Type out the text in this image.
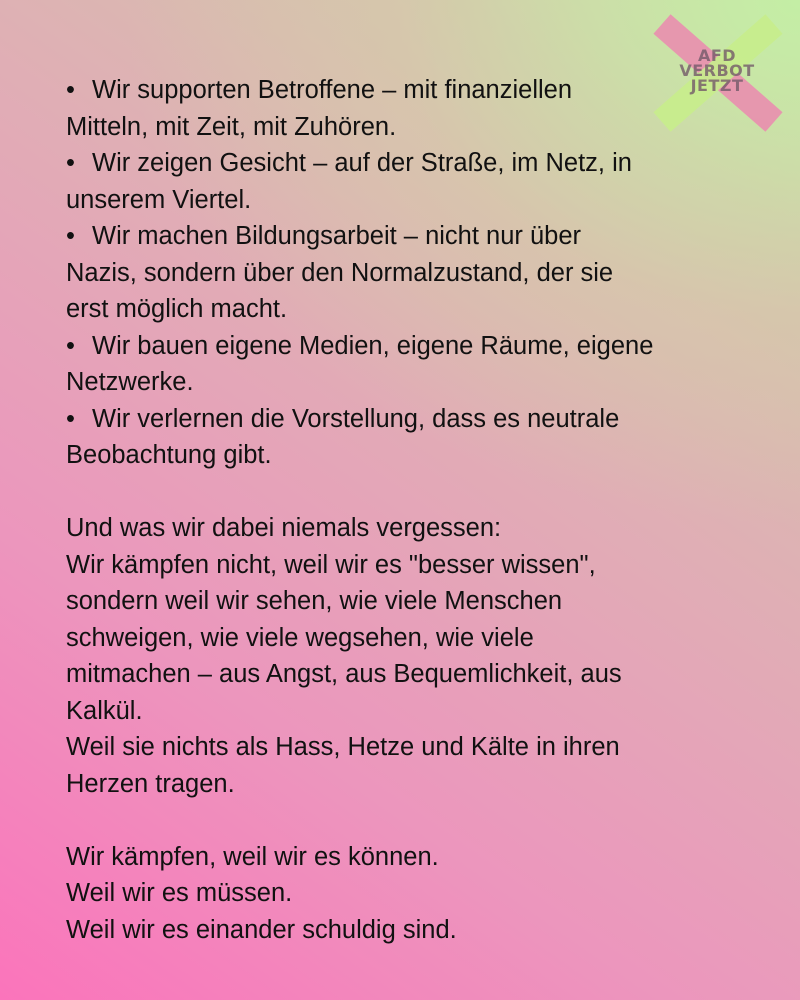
AFD
VERBOT
JETZT
• Wir supporten Betroffene – mit finanziellen
Mitteln, mit Zeit, mit Zuhören.
• Wir zeigen Gesicht – auf der Straße, im Netz, in
unserem Viertel.
• Wir machen Bildungsarbeit – nicht nur über
Nazis, sondern über den Normalzustand, der sie
erst möglich macht.
• Wir bauen eigene Medien, eigene Räume, eigene
Netzwerke.
• Wir verlernen die Vorstellung, dass es neutrale
Beobachtung gibt.
Und was wir dabei niemals vergessen:
Wir kämpfen nicht, weil wir es "besser wissen",
sondern weil wir sehen, wie viele Menschen
schweigen, wie viele wegsehen, wie viele
mitmachen – aus Angst, aus Bequemlichkeit, aus
Kalkül.
Weil sie nichts als Hass, Hetze und Kälte in ihren
Herzen tragen.
Wir kämpfen, weil wir es können.
Weil wir es müssen.
Weil wir es einander schuldig sind.
